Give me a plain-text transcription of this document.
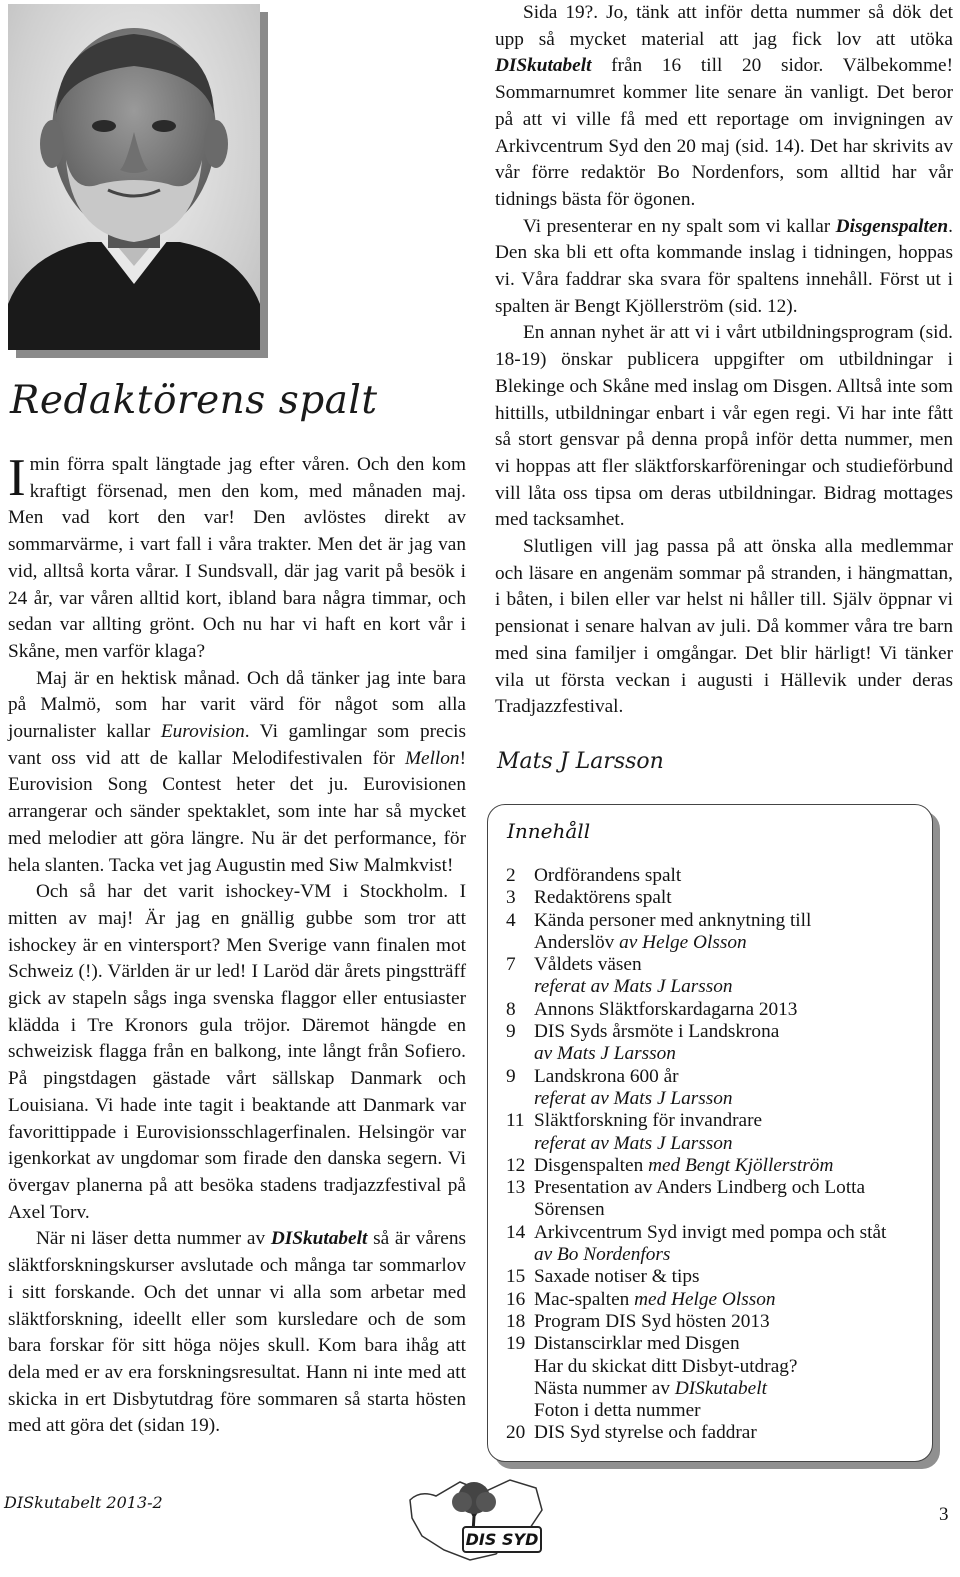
Redaktörens spalt

I min förra spalt längtade jag efter våren. Och den kom kraftigt försenad, men den kom, med månaden maj. Men vad kort den var! Den avlöstes direkt av sommarvärme, i vart fall i våra trakter. Men det är jag van vid, alltså korta vårar. I Sundsvall, där jag varit på besök i 24 år, var våren alltid kort, ibland bara några timmar, och sedan var allting grönt. Och nu har vi haft en kort vår i Skåne, men varför klaga?

Maj är en hektisk månad. Och då tänker jag inte bara på Malmö, som har varit värd för något som alla journalister kallar Eurovision. Vi gamlingar som precis vant oss vid att de kallar Melodifestivalen för Mellon! Eurovision Song Contest heter det ju. Eurovisionen arrangerar och sänder spektaklet, som inte har så mycket med melodier att göra längre. Nu är det performance, för hela slanten. Tacka vet jag Augustin med Siw Malmkvist!

Och så har det varit ishockey-VM i Stockholm. I mitten av maj! Är jag en gnällig gubbe som tror att ishockey är en vintersport? Men Sverige vann finalen mot Schweiz (!). Världen är ur led! I Laröd där årets pingstträff gick av stapeln sågs inga svenska flaggor eller entusiaster klädda i Tre Kronors gula tröjor. Däremot hängde en schweizisk flagga från en balkong, inte långt från Sofiero. På pingstdagen gästade vårt sällskap Danmark och Louisiana. Vi hade inte tagit i beaktande att Danmark var favorittippade i Eurovisionsschlagerfinalen. Helsingör var igenkorkat av ungdomar som firade den danska segern. Vi övergav planerna på att besöka stadens tradjazzfestival på Axel Torv.

När ni läser detta nummer av DISkutabelt så är vårens släktforskningskurser avslutade och många tar sommarlov i sitt forskande. Och det unnar vi alla som arbetar med släktforskning, ideellt eller som kursledare och de som bara forskar för sitt höga nöjes skull. Kom bara ihåg att dela med er av era forskningsresultat. Hann ni inte med att skicka in ert Disbytutdrag före sommaren så starta hösten med att göra det (sidan 19).

Sida 19?. Jo, tänk att inför detta nummer så dök det upp så mycket material att jag fick lov att utöka DISkutabelt från 16 till 20 sidor. Välbekomme! Sommarnumret kommer lite senare än vanligt. Det beror på att vi ville få med ett reportage om invigningen av Arkivcentrum Syd den 20 maj (sid. 14). Det har skrivits av vår förre redaktör Bo Nordenfors, som alltid har vår tidnings bästa för ögonen.

Vi presenterar en ny spalt som vi kallar Disgenspalten. Den ska bli ett ofta kommande inslag i tidningen, hoppas vi. Våra faddrar ska svara för spaltens innehåll. Först ut i spalten är Bengt Kjöllerström (sid. 12).

En annan nyhet är att vi i vårt utbildningsprogram (sid. 18-19) önskar publicera uppgifter om utbildningar i Blekinge och Skåne med inslag om Disgen. Alltså inte som hittills, utbildningar enbart i vår egen regi. Vi har inte fått så stort gensvar på denna propå inför detta nummer, men vi hoppas att fler släktforskarföreningar och studieförbund vill låta oss tipsa om deras utbildningar. Bidrag mottages med tacksamhet.

Slutligen vill jag passa på att önska alla medlemmar och läsare en angenäm sommar på stranden, i hängmattan, i båten, i bilen eller var helst ni håller till. Själv öppnar vi pensionat i senare halvan av juli. Då kommer våra tre barn med sina familjer i omgångar. Det blir härligt! Vi tänker vila ut första veckan i augusti i Hällevik under deras Tradjazzfestival.

Mats J Larsson
Innehåll
2 Ordförandens spalt
3 Redaktörens spalt
4 Kända personer med anknytning till
Anderslöv av Helge Olsson
7 Våldets väsen
referat av Mats J Larsson
8 Annons Släktforskardagarna 2013
9 DIS Syds årsmöte i Landskrona
av Mats J Larsson
9 Landskrona 600 år
referat av Mats J Larsson
11 Släktforskning för invandrare
referat av Mats J Larsson
12 Disgenspalten med Bengt Kjöllerström
13 Presentation av Anders Lindberg och Lotta
Sörensen
14 Arkivcentrum Syd invigt med pompa och ståt
av Bo Nordenfors
15 Saxade notiser & tips
16 Mac-spalten med Helge Olsson
18 Program DIS Syd hösten 2013
19 Distanscirklar med Disgen
Har du skickat ditt Disbyt-utdrag?
Nästa nummer av DISkutabelt
Foton i detta nummer
20 DIS Syd styrelse och faddrar
DISkutabelt 2013-2
DIS SYD
3
